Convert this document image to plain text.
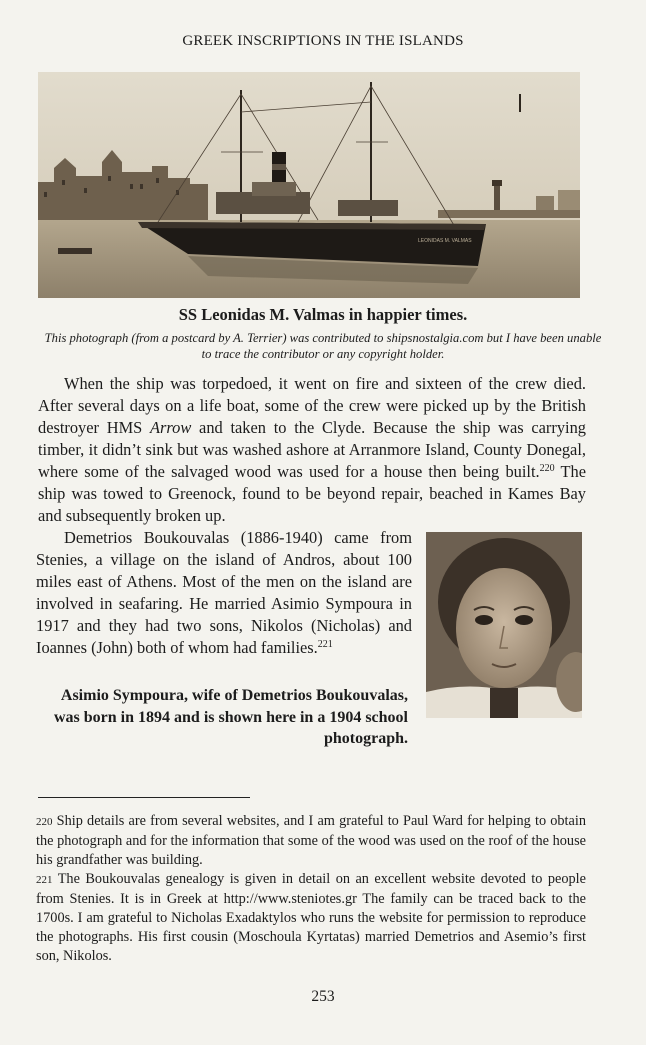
GREEK INSCRIPTIONS IN THE ISLANDS
LEONIDAS M. VALMAS
SS Leonidas M. Valmas in happier times.
This photograph (from a postcard by A. Terrier) was contributed to shipsnostalgia.com but I have been unable to trace the contributor or any copyright holder.

When the ship was torpedoed, it went on fire and sixteen of the crew died. After several days on a life boat, some of the crew were picked up by the British destroyer HMS Arrow and taken to the Clyde. Because the ship was carrying timber, it didn’t sink but was washed ashore at Arranmore Island, County Donegal, where some of the salvaged wood was used for a house then being built.$^{220}$ The ship was towed to Greenock, found to be beyond repair, beached in Kames Bay and subsequently broken up.

Demetrios Boukouvalas (1886-1940) came from Stenies, a village on the island of Andros, about 100 miles east of Athens. Most of the men on the island are involved in seafaring. He married Asimio Sympoura in 1917 and they had two sons, Nikolos (Nicholas) and Ioannes (John) both of whom had families.$^{221}$

Asimio Sympoura, wife of Demetrios Boukouvalas, was born in 1894 and is shown here in a 1904 school photograph.

220 Ship details are from several websites, and I am grateful to Paul Ward for helping to obtain the photograph and for the information that some of the wood was used on the roof of the house his grandfather was building.

221 The Boukouvalas genealogy is given in detail on an excellent website devoted to people from Stenies. It is in Greek at http://www.steniotes.gr The family can be traced back to the 1700s. I am grateful to Nicholas Exadaktylos who runs the website for permission to reproduce the photographs. His first cousin (Moschoula Kyrtatas) married Demetrios and Asemio’s first son, Nikolos.

253
